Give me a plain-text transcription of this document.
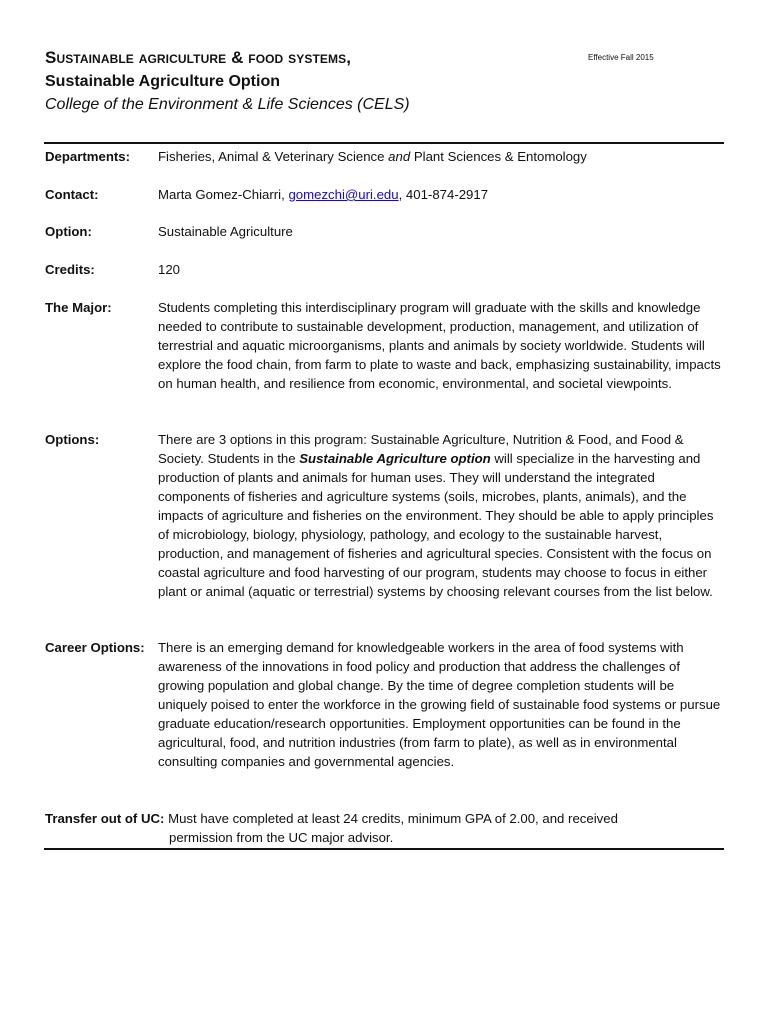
Sustainable agriculture & food systems,
Sustainable Agriculture Option
College of the Environment & Life Sciences (CELS)
Effective Fall 2015
Departments: Fisheries, Animal & Veterinary Science and Plant Sciences & Entomology
Contact:	Marta Gomez-Chiarri, gomezchi@uri.edu, 401-874-2917
Option:	Sustainable Agriculture
Credits:	120
The Major:	Students completing this interdisciplinary program will graduate with the skills and knowledge needed to contribute to sustainable development, production, management, and utilization of terrestrial and aquatic microorganisms, plants and animals by society worldwide. Students will explore the food chain, from farm to plate to waste and back, emphasizing sustainability, impacts on human health, and resilience from economic, environmental, and societal viewpoints.
Options:	There are 3 options in this program: Sustainable Agriculture, Nutrition & Food, and Food & Society. Students in the Sustainable Agriculture option will specialize in the harvesting and production of plants and animals for human uses. They will understand the integrated components of fisheries and agriculture systems (soils, microbes, plants, animals), and the impacts of agriculture and fisheries on the environment. They should be able to apply principles of microbiology, biology, physiology, pathology, and ecology to the sustainable harvest, production, and management of fisheries and agricultural species. Consistent with the focus on coastal agriculture and food harvesting of our program, students may choose to focus in either plant or animal (aquatic or terrestrial) systems by choosing relevant courses from the list below.
Career Options: There is an emerging demand for knowledgeable workers in the area of food systems with awareness of the innovations in food policy and production that address the challenges of growing population and global change. By the time of degree completion students will be uniquely poised to enter the workforce in the growing field of sustainable food systems or pursue graduate education/research opportunities. Employment opportunities can be found in the agricultural, food, and nutrition industries (from farm to plate), as well as in environmental consulting companies and governmental agencies.
Transfer out of UC: Must have completed at least 24 credits, minimum GPA of 2.00, and received
permission from the UC major advisor.
